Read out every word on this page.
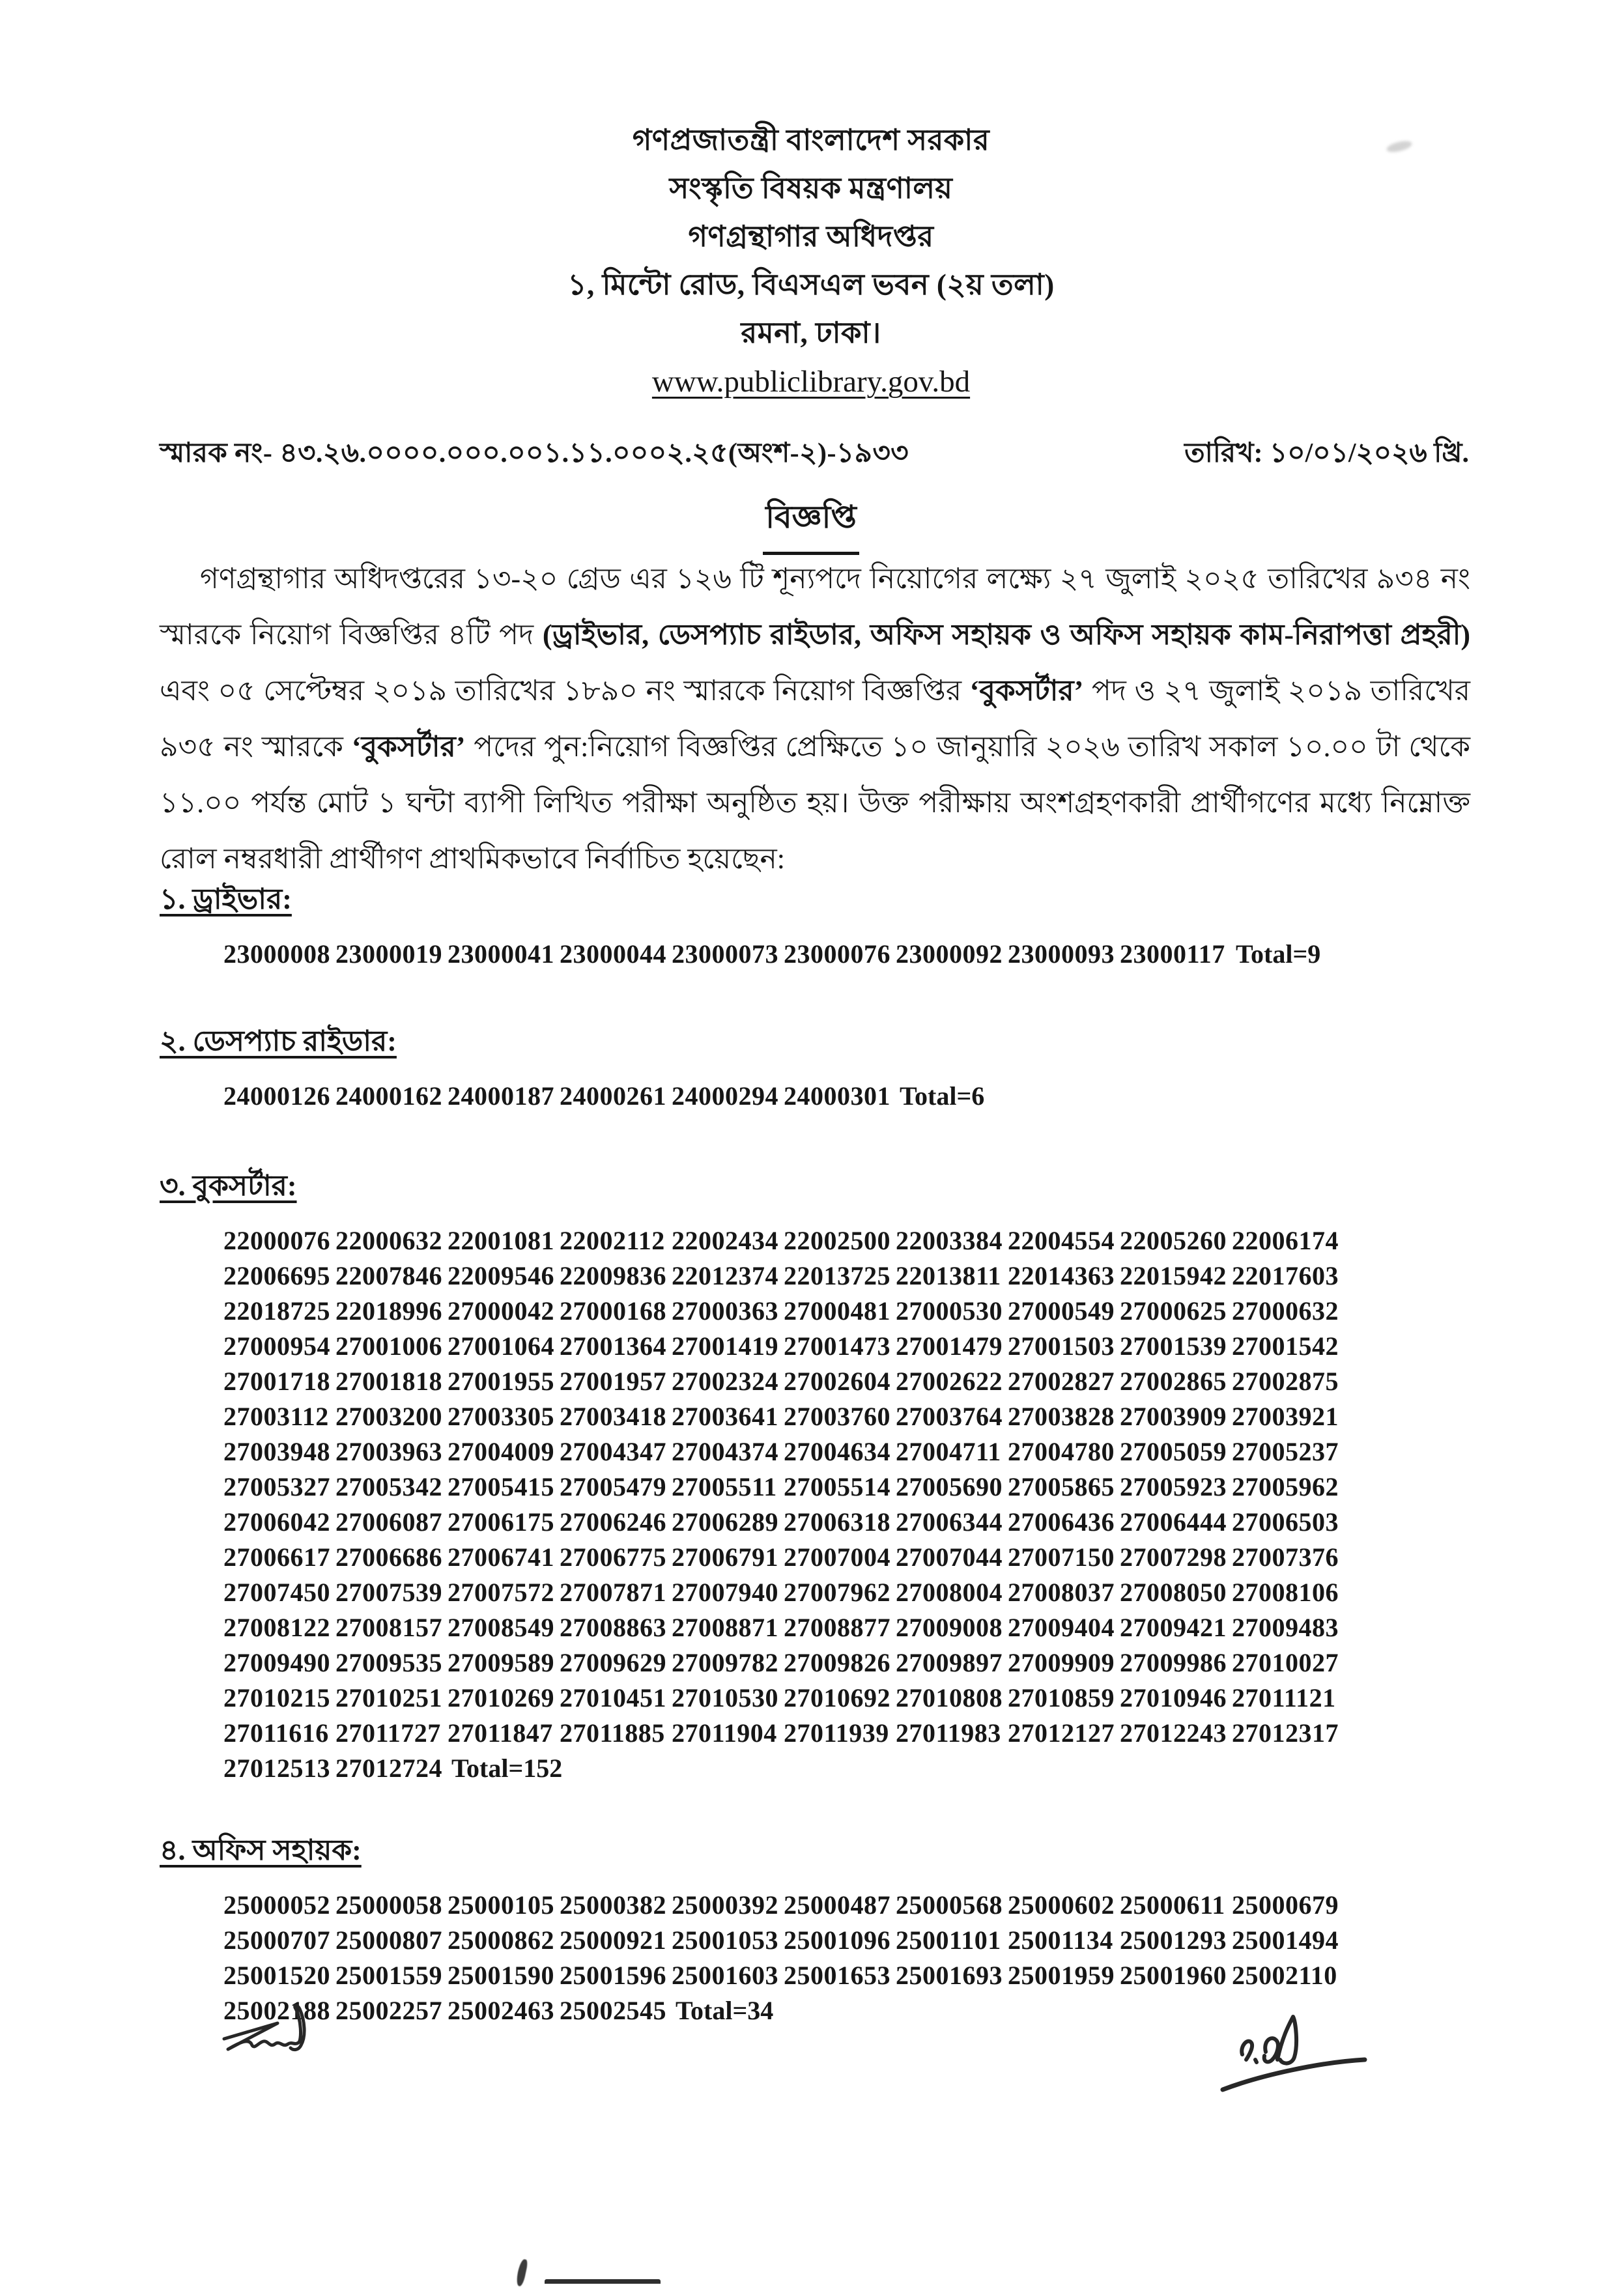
গণপ্রজাতন্ত্রী বাংলাদেশ সরকার
সংস্কৃতি বিষয়ক মন্ত্রণালয়
গণগ্রন্থাগার অধিদপ্তর
১, মিন্টো রোড, বিএসএল ভবন (২য় তলা)
রমনা, ঢাকা।
www.publiclibrary.gov.bd
স্মারক নং- ৪৩.২৬.০০০০.০০০.০০১.১১.০০০২.২৫(অংশ-২)-১৯৩৩	তারিখ: ১০/০১/২০২৬ খ্রি.
বিজ্ঞপ্তি
গণগ্রন্থাগার অধিদপ্তরের ১৩-২০ গ্রেড এর ১২৬ টি শূন্যপদে নিয়োগের লক্ষ্যে ২৭ জুলাই ২০২৫ তারিখের ৯৩৪ নং স্মারকে নিয়োগ বিজ্ঞপ্তির ৪টি পদ (ড্রাইভার, ডেসপ্যাচ রাইডার, অফিস সহায়ক ও অফিস সহায়ক কাম-নিরাপত্তা প্রহরী) এবং ০৫ সেপ্টেম্বর ২০১৯ তারিখের ১৮৯০ নং স্মারকে নিয়োগ বিজ্ঞপ্তির ‘বুকসর্টার’ পদ ও ২৭ জুলাই ২০১৯ তারিখের ৯৩৫ নং স্মারকে ‘বুকসর্টার’ পদের পুন:নিয়োগ বিজ্ঞপ্তির প্রেক্ষিতে ১০ জানুয়ারি ২০২৬ তারিখ সকাল ১০.০০ টা থেকে ১১.০০ পর্যন্ত মোট ১ ঘন্টা ব্যাপী লিখিত পরীক্ষা অনুষ্ঠিত হয়। উক্ত পরীক্ষায় অংশগ্রহণকারী প্রার্থীগণের মধ্যে নিম্নোক্ত রোল নম্বরধারী প্রার্থীগণ প্রাথমিকভাবে নির্বাচিত হয়েছেন:
১. ড্রাইভার:
23000008 23000019 23000041 23000044 23000073 23000076 23000092 23000093 23000117 Total=9
২. ডেসপ্যাচ রাইডার:
24000126 24000162 24000187 24000261 24000294 24000301 Total=6
৩. বুকসর্টার:
22000076 22000632 22001081 22002112 22002434 22002500 22003384 22004554 22005260 22006174
22006695 22007846 22009546 22009836 22012374 22013725 22013811 22014363 22015942 22017603
22018725 22018996 27000042 27000168 27000363 27000481 27000530 27000549 27000625 27000632
27000954 27001006 27001064 27001364 27001419 27001473 27001479 27001503 27001539 27001542
27001718 27001818 27001955 27001957 27002324 27002604 27002622 27002827 27002865 27002875
27003112 27003200 27003305 27003418 27003641 27003760 27003764 27003828 27003909 27003921
27003948 27003963 27004009 27004347 27004374 27004634 27004711 27004780 27005059 27005237
27005327 27005342 27005415 27005479 27005511 27005514 27005690 27005865 27005923 27005962
27006042 27006087 27006175 27006246 27006289 27006318 27006344 27006436 27006444 27006503
27006617 27006686 27006741 27006775 27006791 27007004 27007044 27007150 27007298 27007376
27007450 27007539 27007572 27007871 27007940 27007962 27008004 27008037 27008050 27008106
27008122 27008157 27008549 27008863 27008871 27008877 27009008 27009404 27009421 27009483
27009490 27009535 27009589 27009629 27009782 27009826 27009897 27009909 27009986 27010027
27010215 27010251 27010269 27010451 27010530 27010692 27010808 27010859 27010946 27011121
27011616 27011727 27011847 27011885 27011904 27011939 27011983 27012127 27012243 27012317
27012513 27012724 Total=152
৪. অফিস সহায়ক:
25000052 25000058 25000105 25000382 25000392 25000487 25000568 25000602 25000611 25000679
25000707 25000807 25000862 25000921 25001053 25001096 25001101 25001134 25001293 25001494
25001520 25001559 25001590 25001596 25001603 25001653 25001693 25001959 25001960 25002110
25002188 25002257 25002463 25002545 Total=34
